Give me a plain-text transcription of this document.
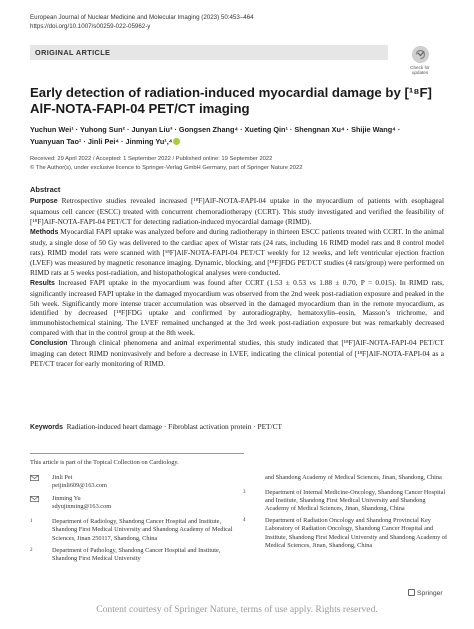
European Journal of Nuclear Medicine and Molecular Imaging (2023) 50:453–464
https://doi.org/10.1007/s00259-022-05962-y
ORIGINAL ARTICLE
Check for
updates
Early detection of radiation-induced myocardial damage by [¹⁸F]
AlF-NOTA-FAPI-04 PET/CT imaging
Yuchun Wei¹ · Yuhong Sun² · Junyan Liu³ · Gongsen Zhang⁴ · Xueting Qin¹ · Shengnan Xu⁴ · Shijie Wang⁴ ·
Yuanyuan Tao¹ · Jinli Pei⁴ · Jinming Yu¹,⁴
Received: 29 April 2022 / Accepted: 1 September 2022 / Published online: 19 September 2022
© The Author(s), under exclusive licence to Springer-Verlag GmbH Germany, part of Springer Nature 2022
Abstract

Purpose Retrospective studies revealed increased [¹⁸F]AlF-NOTA-FAPI-04 uptake in the myocardium of patients with esophageal squamous cell cancer (ESCC) treated with concurrent chemoradiotherapy (CCRT). This study investigated and verified the feasibility of [¹⁸F]AlF-NOTA-FAPI-04 PET/CT for detecting radiation-induced myocardial damage (RIMD).

Methods Myocardial FAPI uptake was analyzed before and during radiotherapy in thirteen ESCC patients treated with CCRT. In the animal study, a single dose of 50 Gy was delivered to the cardiac apex of Wistar rats (24 rats, including 16 RIMD model rats and 8 control model rats). RIMD model rats were scanned with [¹⁸F]AlF-NOTA-FAPI-04 PET/CT weekly for 12 weeks, and left ventricular ejection fraction (LVEF) was measured by magnetic resonance imaging. Dynamic, blocking, and [¹⁸F]FDG PET/CT studies (4 rats/group) were performed on RIMD rats at 5 weeks post-radiation, and histopathological analyses were conducted.

Results Increased FAPI uptake in the myocardium was found after CCRT (1.53 ± 0.53 vs 1.88 ± 0.70, P = 0.015). In RIMD rats, significantly increased FAPI uptake in the damaged myocardium was observed from the 2nd week post-radiation exposure and peaked in the 5th week. Significantly more intense tracer accumulation was observed in the damaged myocardium than in the remote myocardium, as identified by decreased [¹⁸F]FDG uptake and confirmed by autoradiography, hematoxylin–eosin, Masson’s trichrome, and immunohistochemical staining. The LVEF remained unchanged at the 3rd week post-radiation exposure but was remarkably decreased compared with that in the control group at the 8th week.

Conclusion Through clinical phenomena and animal experimental studies, this study indicated that [¹⁸F]AlF-NOTA-FAPI-04 PET/CT imaging can detect RIMD noninvasively and before a decrease in LVEF, indicating the clinical potential of [¹⁸F]AlF-NOTA-FAPI-04 as a PET/CT tracer for early monitoring of RIMD.

Keywords Radiation-induced heart damage · Fibroblast activation protein · PET/CT
This article is part of the Topical Collection on Cardiology.
Jinli Pei
peijinli609@163.com
Jinming Yu
sdyujinming@163.com
1	Department of Radiology, Shandong Cancer Hospital and Institute, Shandong First Medical University and Shandong Academy of Medical Sciences, Jinan 250117, Shandong, China
2	Department of Pathology, Shandong Cancer Hospital and Institute, Shandong First Medical University
and Shandong Academy of Medical Sciences, Jinan, Shandong, China
3	Department of Internal Medicine-Oncology, Shandong Cancer Hospital and Institute, Shandong First Medical University and Shandong Academy of Medical Sciences, Jinan, Shandong, China
4	Department of Radiation Oncology and Shandong Provincial Key Laboratory of Radiation Oncology, Shandong Cancer Hospital and Institute, Shandong First Medical University and Shandong Academy of Medical Sciences, Jinan, Shandong, China
Springer
Content courtesy of Springer Nature, terms of use apply. Rights reserved.
